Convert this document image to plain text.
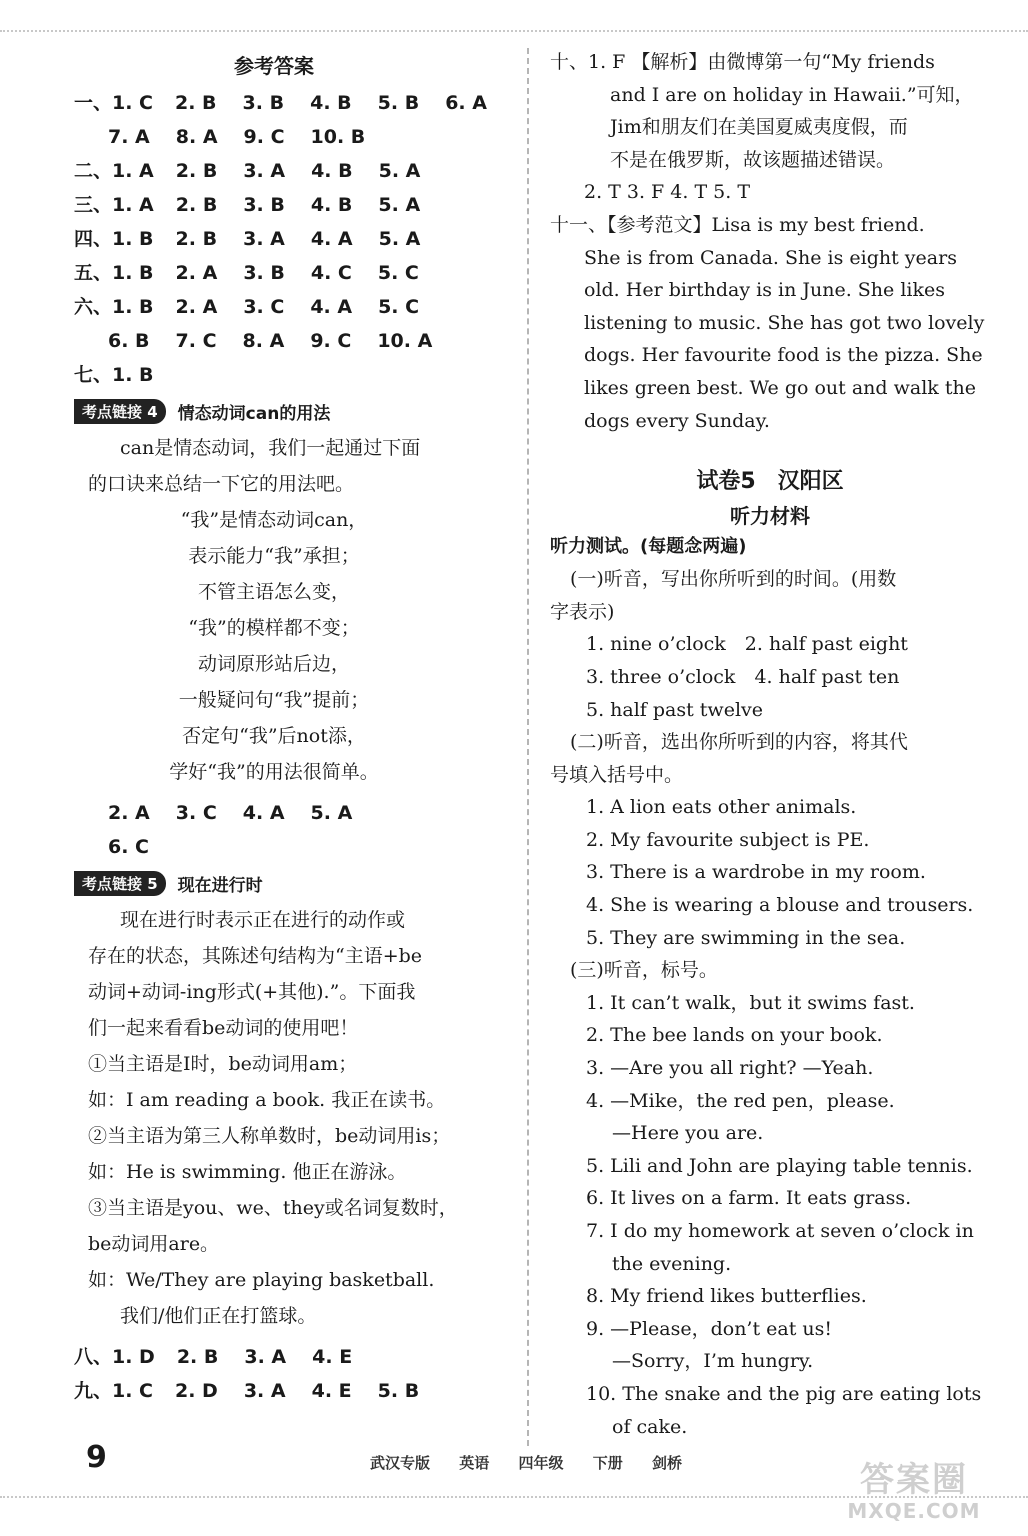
参考答案
一、1. C 2. B 3. B 4. B 5. B 6. A
7. A 8. A 9. C 10. B
二、1. A 2. B 3. A 4. B 5. A
三、1. A 2. B 3. B 4. B 5. A
四、1. B 2. B 3. A 4. A 5. A
五、1. B 2. A 3. B 4. C 5. C
六、1. B 2. A 3. C 4. A 5. C
6. B 7. C 8. A 9. C 10. A
七、1. B
考点链接 4	情态动词can的用法
can是情态动词，我们一起通过下面
的口诀来总结一下它的用法吧。
“我”是情态动词can，
表示能力“我”承担；
不管主语怎么变，
“我”的模样都不变；
动词原形站后边，
一般疑问句“我”提前；
否定句“我”后not添，
学好“我”的用法很简单。
2. A 3. C 4. A 5. A
6. C
考点链接 5	现在进行时
现在进行时表示正在进行的动作或
存在的状态，其陈述句结构为“主语+be
动词+动词-ing形式(+其他).”。下面我
们一起来看看be动词的使用吧！
①当主语是I时，be动词用am；
如：I am reading a book. 我正在读书。
②当主语为第三人称单数时，be动词用is；
如：He is swimming. 他正在游泳。
③当主语是you、we、they或名词复数时，
be动词用are。
如：We/They are playing basketball.
我们/他们正在打篮球。
八、1. D 2. B 3. A 4. E
九、1. C 2. D 3. A 4. E 5. B
十、1. F 【解析】由微博第一句“My friends
and I are on holiday in Hawaii.”可知，
Jim和朋友们在美国夏威夷度假，而
不是在俄罗斯，故该题描述错误。
2. T 3. F 4. T 5. T
十一、【参考范文】Lisa is my best friend.
She is from Canada. She is eight years
old. Her birthday is in June. She likes
listening to music. She has got two lovely
dogs. Her favourite food is the pizza. She
likes green best. We go out and walk the
dogs every Sunday.
试卷5　汉阳区
听力材料
听力测试。(每题念两遍)
(一)听音，写出你所听到的时间。(用数
字表示)
1. nine o’clock　2. half past eight
3. three o’clock　4. half past ten
5. half past twelve
(二)听音，选出你所听到的内容，将其代
号填入括号中。
1. A lion eats other animals.
2. My favourite subject is PE.
3. There is a wardrobe in my room.
4. She is wearing a blouse and trousers.
5. They are swimming in the sea.
(三)听音，标号。
1. It can’t walk，but it swims fast.
2. The bee lands on your book.
3. —Are you all right? —Yeah.
4. —Mike，the red pen，please.
—Here you are.
5. Lili and John are playing table tennis.
6. It lives on a farm. It eats grass.
7. I do my homework at seven o’clock in
the evening.
8. My friend likes butterflies.
9. —Please，don’t eat us!
—Sorry，I’m hungry.
10. The snake and the pig are eating lots
of cake.
9	武汉专版 英语 四年级 下册 剑桥	答案圈
MXQE.COM
